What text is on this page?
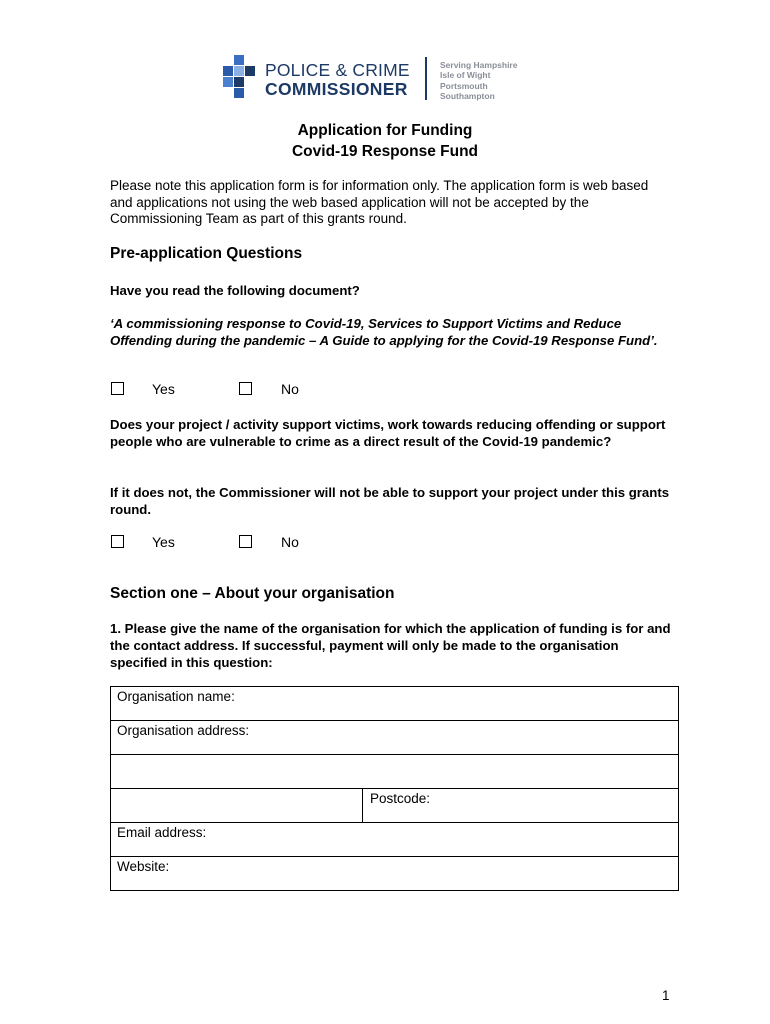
POLICE & CRIME
COMMISSIONER
Serving Hampshire
Isle of Wight
Portsmouth
Southampton
Application for Funding
Covid-19 Response Fund
Please note this application form is for information only. The application form is web based and applications not using the web based application will not be accepted by the Commissioning Team as part of this grants round.
Pre-application Questions
Have you read the following document?
‘A commissioning response to Covid-19, Services to Support Victims and Reduce Offending during the pandemic – A Guide to applying for the Covid-19 Response Fund’.
Yes	No
Does your project / activity support victims, work towards reducing offending or support people who are vulnerable to crime as a direct result of the Covid-19 pandemic?
If it does not, the Commissioner will not be able to support your project under this grants round.
Yes	No
Section one – About your organisation
1. Please give the name of the organisation for which the application of funding is for and the contact address. If successful, payment will only be made to the organisation specified in this question:
Organisation name:
Organisation address:
Postcode:
Email address:
Website:
1
